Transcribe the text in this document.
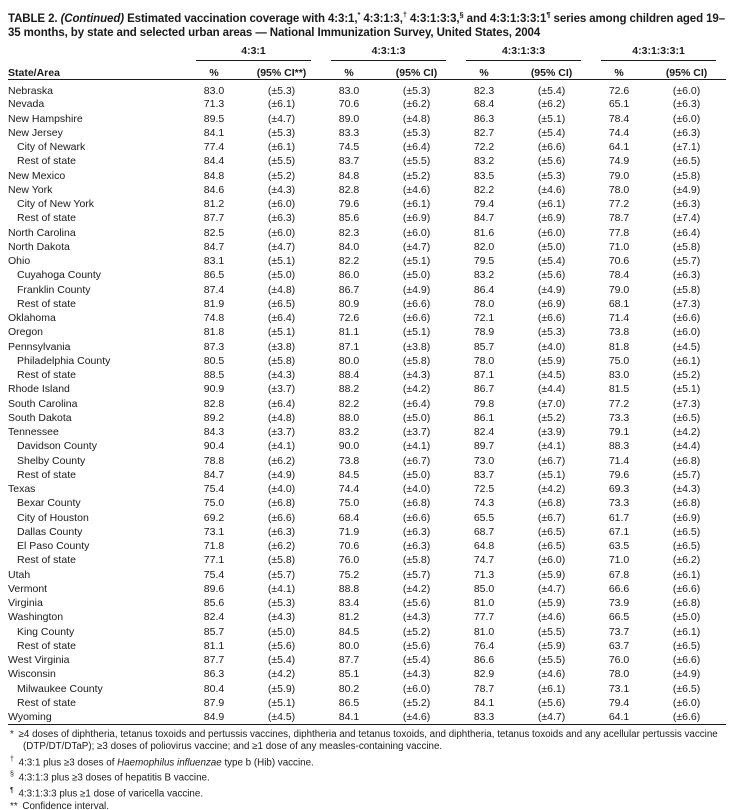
TABLE 2. (Continued) Estimated vaccination coverage with 4:3:1,* 4:3:1:3,† 4:3:1:3:3,§ and 4:3:1:3:3:1¶ series among children aged 19–35 months, by state and selected urban areas — National Immunization Survey, United States, 2004

	4:3:1		4:3:1:3		4:3:1:3:3		4:3:1:3:3:1	

State/Area	%	(95% CI**)	%	(95% CI)	%	(95% CI)	%	(95% CI)
Nebraska	83.0	(±5.3)	83.0	(±5.3)	82.3	(±5.4)	72.6	(±6.0)
Nevada	71.3	(±6.1)	70.6	(±6.2)	68.4	(±6.2)	65.1	(±6.3)
New Hampshire	89.5	(±4.7)	89.0	(±4.8)	86.3	(±5.1)	78.4	(±6.0)
New Jersey	84.1	(±5.3)	83.3	(±5.3)	82.7	(±5.4)	74.4	(±6.3)
City of Newark	77.4	(±6.1)	74.5	(±6.4)	72.2	(±6.6)	64.1	(±7.1)
Rest of state	84.4	(±5.5)	83.7	(±5.5)	83.2	(±5.6)	74.9	(±6.5)
New Mexico	84.8	(±5.2)	84.8	(±5.2)	83.5	(±5.3)	79.0	(±5.8)
New York	84.6	(±4.3)	82.8	(±4.6)	82.2	(±4.6)	78.0	(±4.9)
City of New York	81.2	(±6.0)	79.6	(±6.1)	79.4	(±6.1)	77.2	(±6.3)
Rest of state	87.7	(±6.3)	85.6	(±6.9)	84.7	(±6.9)	78.7	(±7.4)
North Carolina	82.5	(±6.0)	82.3	(±6.0)	81.6	(±6.0)	77.8	(±6.4)
North Dakota	84.7	(±4.7)	84.0	(±4.7)	82.0	(±5.0)	71.0	(±5.8)
Ohio	83.1	(±5.1)	82.2	(±5.1)	79.5	(±5.4)	70.6	(±5.7)
Cuyahoga County	86.5	(±5.0)	86.0	(±5.0)	83.2	(±5.6)	78.4	(±6.3)
Franklin County	87.4	(±4.8)	86.7	(±4.9)	86.4	(±4.9)	79.0	(±5.8)
Rest of state	81.9	(±6.5)	80.9	(±6.6)	78.0	(±6.9)	68.1	(±7.3)
Oklahoma	74.8	(±6.4)	72.6	(±6.6)	72.1	(±6.6)	71.4	(±6.6)
Oregon	81.8	(±5.1)	81.1	(±5.1)	78.9	(±5.3)	73.8	(±6.0)
Pennsylvania	87.3	(±3.8)	87.1	(±3.8)	85.7	(±4.0)	81.8	(±4.5)
Philadelphia County	80.5	(±5.8)	80.0	(±5.8)	78.0	(±5.9)	75.0	(±6.1)
Rest of state	88.5	(±4.3)	88.4	(±4.3)	87.1	(±4.5)	83.0	(±5.2)
Rhode Island	90.9	(±3.7)	88.2	(±4.2)	86.7	(±4.4)	81.5	(±5.1)
South Carolina	82.8	(±6.4)	82.2	(±6.4)	79.8	(±7.0)	77.2	(±7.3)
South Dakota	89.2	(±4.8)	88.0	(±5.0)	86.1	(±5.2)	73.3	(±6.5)
Tennessee	84.3	(±3.7)	83.2	(±3.7)	82.4	(±3.9)	79.1	(±4.2)
Davidson County	90.4	(±4.1)	90.0	(±4.1)	89.7	(±4.1)	88.3	(±4.4)
Shelby County	78.8	(±6.2)	73.8	(±6.7)	73.0	(±6.7)	71.4	(±6.8)
Rest of state	84.7	(±4.9)	84.5	(±5.0)	83.7	(±5.1)	79.6	(±5.7)
Texas	75.4	(±4.0)	74.4	(±4.0)	72.5	(±4.2)	69.3	(±4.3)
Bexar County	75.0	(±6.8)	75.0	(±6.8)	74.3	(±6.8)	73.3	(±6.8)
City of Houston	69.2	(±6.6)	68.4	(±6.6)	65.5	(±6.7)	61.7	(±6.9)
Dallas County	73.1	(±6.3)	71.9	(±6.3)	68.7	(±6.5)	67.1	(±6.5)
El Paso County	71.8	(±6.2)	70.6	(±6.3)	64.8	(±6.5)	63.5	(±6.5)
Rest of state	77.1	(±5.8)	76.0	(±5.8)	74.7	(±6.0)	71.0	(±6.2)
Utah	75.4	(±5.7)	75.2	(±5.7)	71.3	(±5.9)	67.8	(±6.1)
Vermont	89.6	(±4.1)	88.8	(±4.2)	85.0	(±4.7)	66.6	(±6.6)
Virginia	85.6	(±5.3)	83.4	(±5.6)	81.0	(±5.9)	73.9	(±6.8)
Washington	82.4	(±4.3)	81.2	(±4.3)	77.7	(±4.6)	66.5	(±5.0)
King County	85.7	(±5.0)	84.5	(±5.2)	81.0	(±5.5)	73.7	(±6.1)
Rest of state	81.1	(±5.6)	80.0	(±5.6)	76.4	(±5.9)	63.7	(±6.5)
West Virginia	87.7	(±5.4)	87.7	(±5.4)	86.6	(±5.5)	76.0	(±6.6)
Wisconsin	86.3	(±4.2)	85.1	(±4.3)	82.9	(±4.6)	78.0	(±4.9)
Milwaukee County	80.4	(±5.9)	80.2	(±6.0)	78.7	(±6.1)	73.1	(±6.5)
Rest of state	87.9	(±5.1)	86.5	(±5.2)	84.1	(±5.6)	79.4	(±6.0)
Wyoming	84.9	(±4.5)	84.1	(±4.6)	83.3	(±4.7)	64.1	(±6.6)
* ≥4 doses of diphtheria, tetanus toxoids and pertussis vaccines, diphtheria and tetanus toxoids, and diphtheria, tetanus toxoids and any acellular pertussis vaccine (DTP/DT/DTaP); ≥3 doses of poliovirus vaccine; and ≥1 dose of any measles-containing vaccine.
† 4:3:1 plus ≥3 doses of Haemophilus influenzae type b (Hib) vaccine.
§ 4:3:1:3 plus ≥3 doses of hepatitis B vaccine.
¶ 4:3:1:3:3 plus ≥1 dose of varicella vaccine.
** Confidence interval.
